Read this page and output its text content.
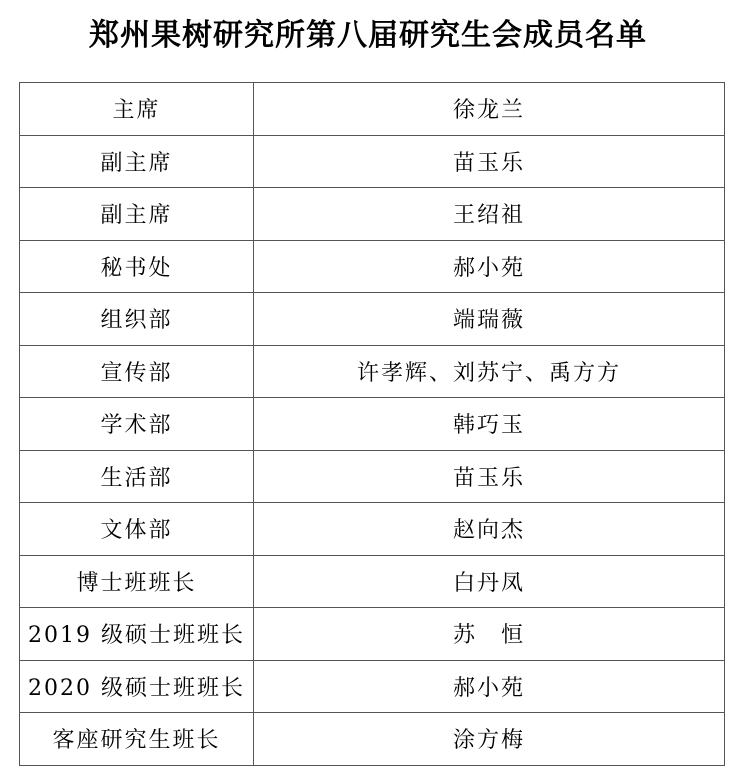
郑州果树研究所第八届研究生会成员名单
主席	徐龙兰
副主席	苗玉乐
副主席	王绍祖
秘书处	郝小苑
组织部	端瑞薇
宣传部	许孝辉、刘苏宁、禹方方
学术部	韩巧玉
生活部	苗玉乐
文体部	赵向杰
博士班班长	白丹凤
2019 级硕士班班长	苏　恒
2020 级硕士班班长	郝小苑
客座研究生班长	涂方梅
